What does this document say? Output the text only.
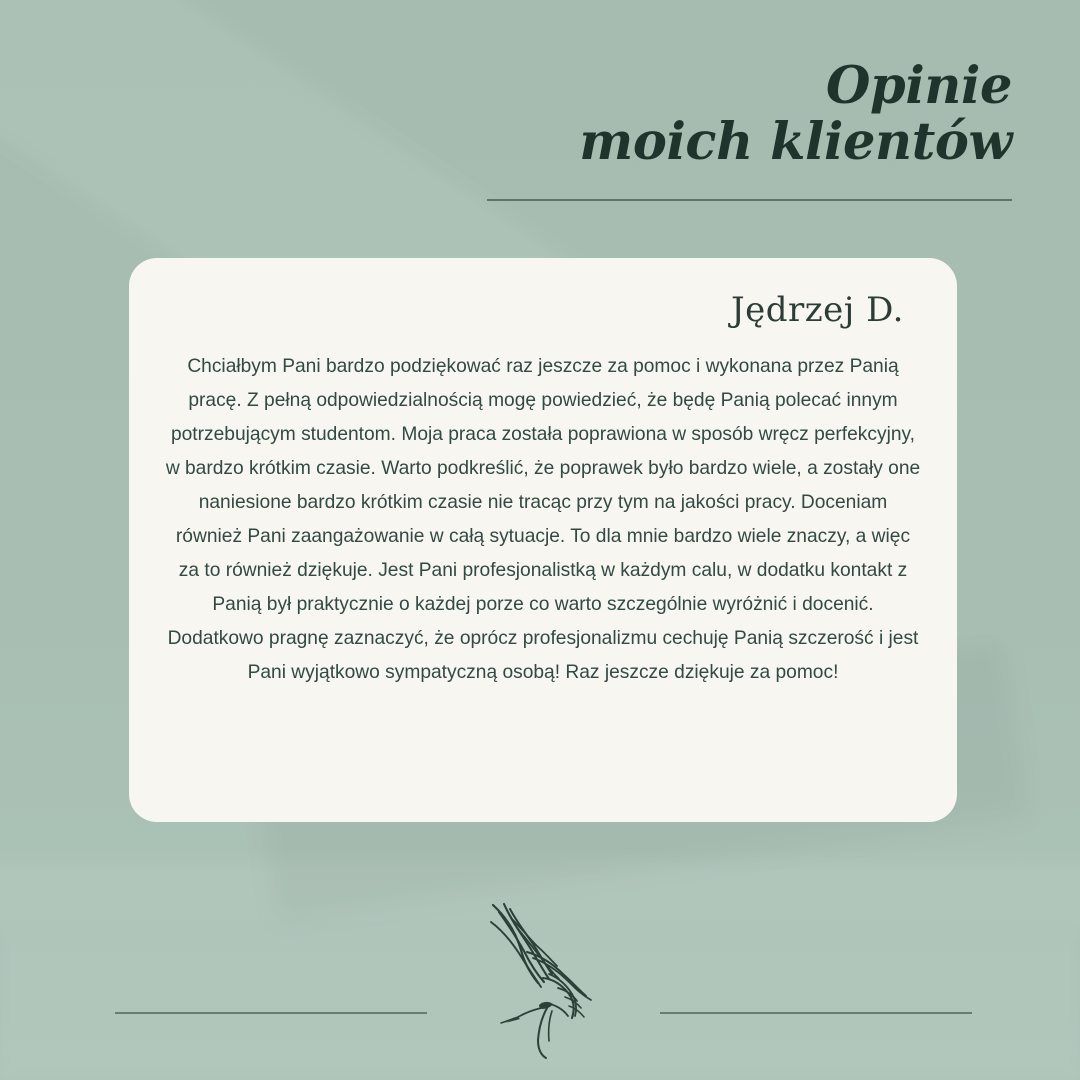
Opinie
moich klientów
Jędrzej D.

Chciałbym Pani bardzo podziękować raz jeszcze za pomoc i wykonana przez Panią pracę. Z pełną odpowiedzialnością mogę powiedzieć, że będę Panią polecać innym potrzebującym studentom. Moja praca została poprawiona w sposób wręcz perfekcyjny, w bardzo krótkim czasie. Warto podkreślić, że poprawek było bardzo wiele, a zostały one naniesione bardzo krótkim czasie nie tracąc przy tym na jakości pracy. Doceniam również Pani zaangażowanie w całą sytuacje. To dla mnie bardzo wiele znaczy, a więc za to również dziękuje. Jest Pani profesjonalistką w każdym calu, w dodatku kontakt z Panią był praktycznie o każdej porze co warto szczególnie wyróżnić i docenić. Dodatkowo pragnę zaznaczyć, że oprócz profesjonalizmu cechuję Panią szczerość i jest Pani wyjątkowo sympatyczną osobą! Raz jeszcze dziękuje za pomoc!
